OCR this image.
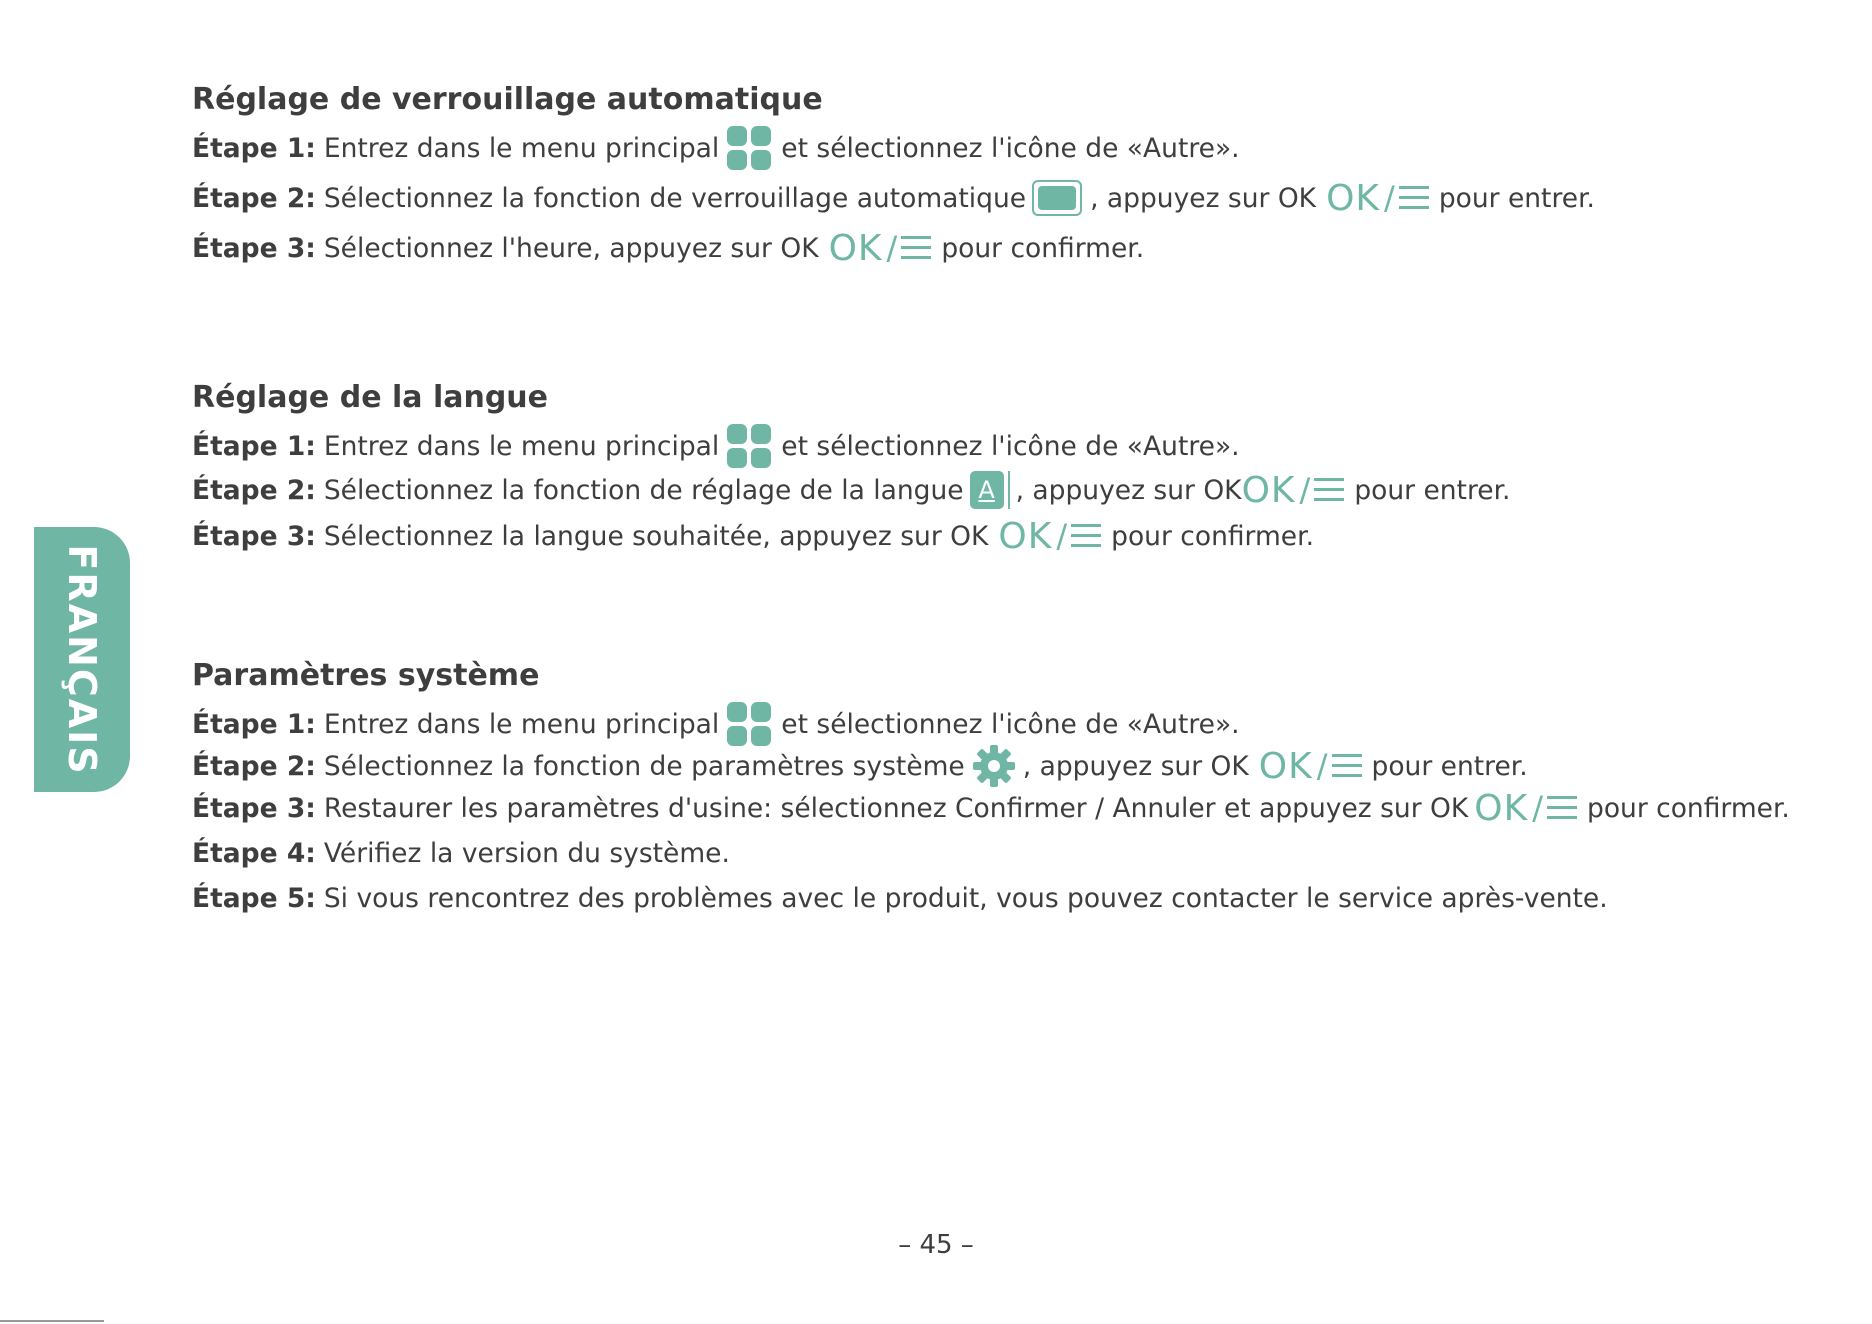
FRANÇAIS
Réglage de verrouillage automatique
Étape 1: Entrez dans le menu principal et sélectionnez l'icône de «Autre».
Étape 2: Sélectionnez la fonction de verrouillage automatique , appuyez sur OK OK / pour entrer.
Étape 3: Sélectionnez l'heure, appuyez sur OK OK / pour confirmer.
Réglage de la langue
Étape 1: Entrez dans le menu principal et sélectionnez l'icône de «Autre».
Étape 2: Sélectionnez la fonction de réglage de la langue A , appuyez sur OK OK / pour entrer.
Étape 3: Sélectionnez la langue souhaitée, appuyez sur OK OK / pour confirmer.
Paramètres système
Étape 1: Entrez dans le menu principal et sélectionnez l'icône de «Autre».
Étape 2: Sélectionnez la fonction de paramètres système , appuyez sur OK OK / pour entrer.
Étape 3: Restaurer les paramètres d'usine: sélectionnez Confirmer / Annuler et appuyez sur OK OK / pour confirmer.
Étape 4: Vérifiez la version du système.
Étape 5: Si vous rencontrez des problèmes avec le produit, vous pouvez contacter le service après-vente.
– 45 –
